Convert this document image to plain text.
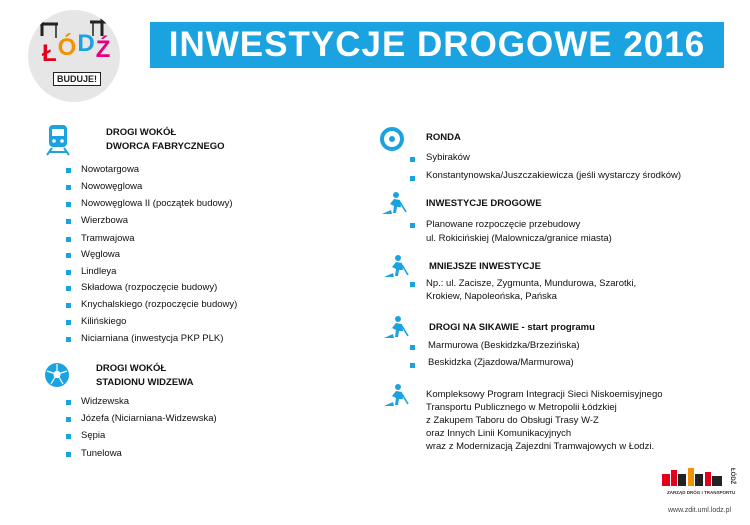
ŁÓDŹ
BUDUJE!
INWESTYCJE DROGOWE 2016
DROGI WOKÓŁ
DWORCA FABRYCZNEGO
Nowotargowa
Nowowęglowa
Nowowęglowa II (początek budowy)
Wierzbowa
Tramwajowa
Węglowa
Lindleya
Składowa (rozpoczęcie budowy)
Knychalskiego (rozpoczęcie budowy)
Kilińskiego
Niciarniana (inwestycja PKP PLK)
DROGI WOKÓŁ
STADIONU WIDZEWA
Widzewska
Józefa (Niciarniana-Widzewska)
Sępia
Tunelowa
RONDA
Sybiraków
Konstantynowska/Juszczakiewicza (jeśli wystarczy środków)
INWESTYCJE DROGOWE
Planowane rozpoczęcie przebudowy
ul. Rokicińskiej (Malownicza/granice miasta)
MNIEJSZE INWESTYCJE
Np.: ul. Zacisze, Zygmunta, Mundurowa, Szarotki,
Krokiew, Napoleońska, Pańska
DROGI NA SIKAWIE - start programu
Marmurowa (Beskidzka/Brzezińska)
Beskidzka (Zjazdowa/Marmurowa)
Kompleksowy Program Integracji Sieci Niskoemisyjnego
Transportu Publicznego w Metropolii Łódzkiej
z Zakupem Taboru do Obsługi Trasy W-Z
oraz Innych Linii Komunikacyjnych
wraz z Modernizacją Zajezdni Tramwajowych w Łodzi.
ZARZĄD DRÓG I TRANSPORTU
ŁÓDŹ
www.zdit.uml.lodz.pl
